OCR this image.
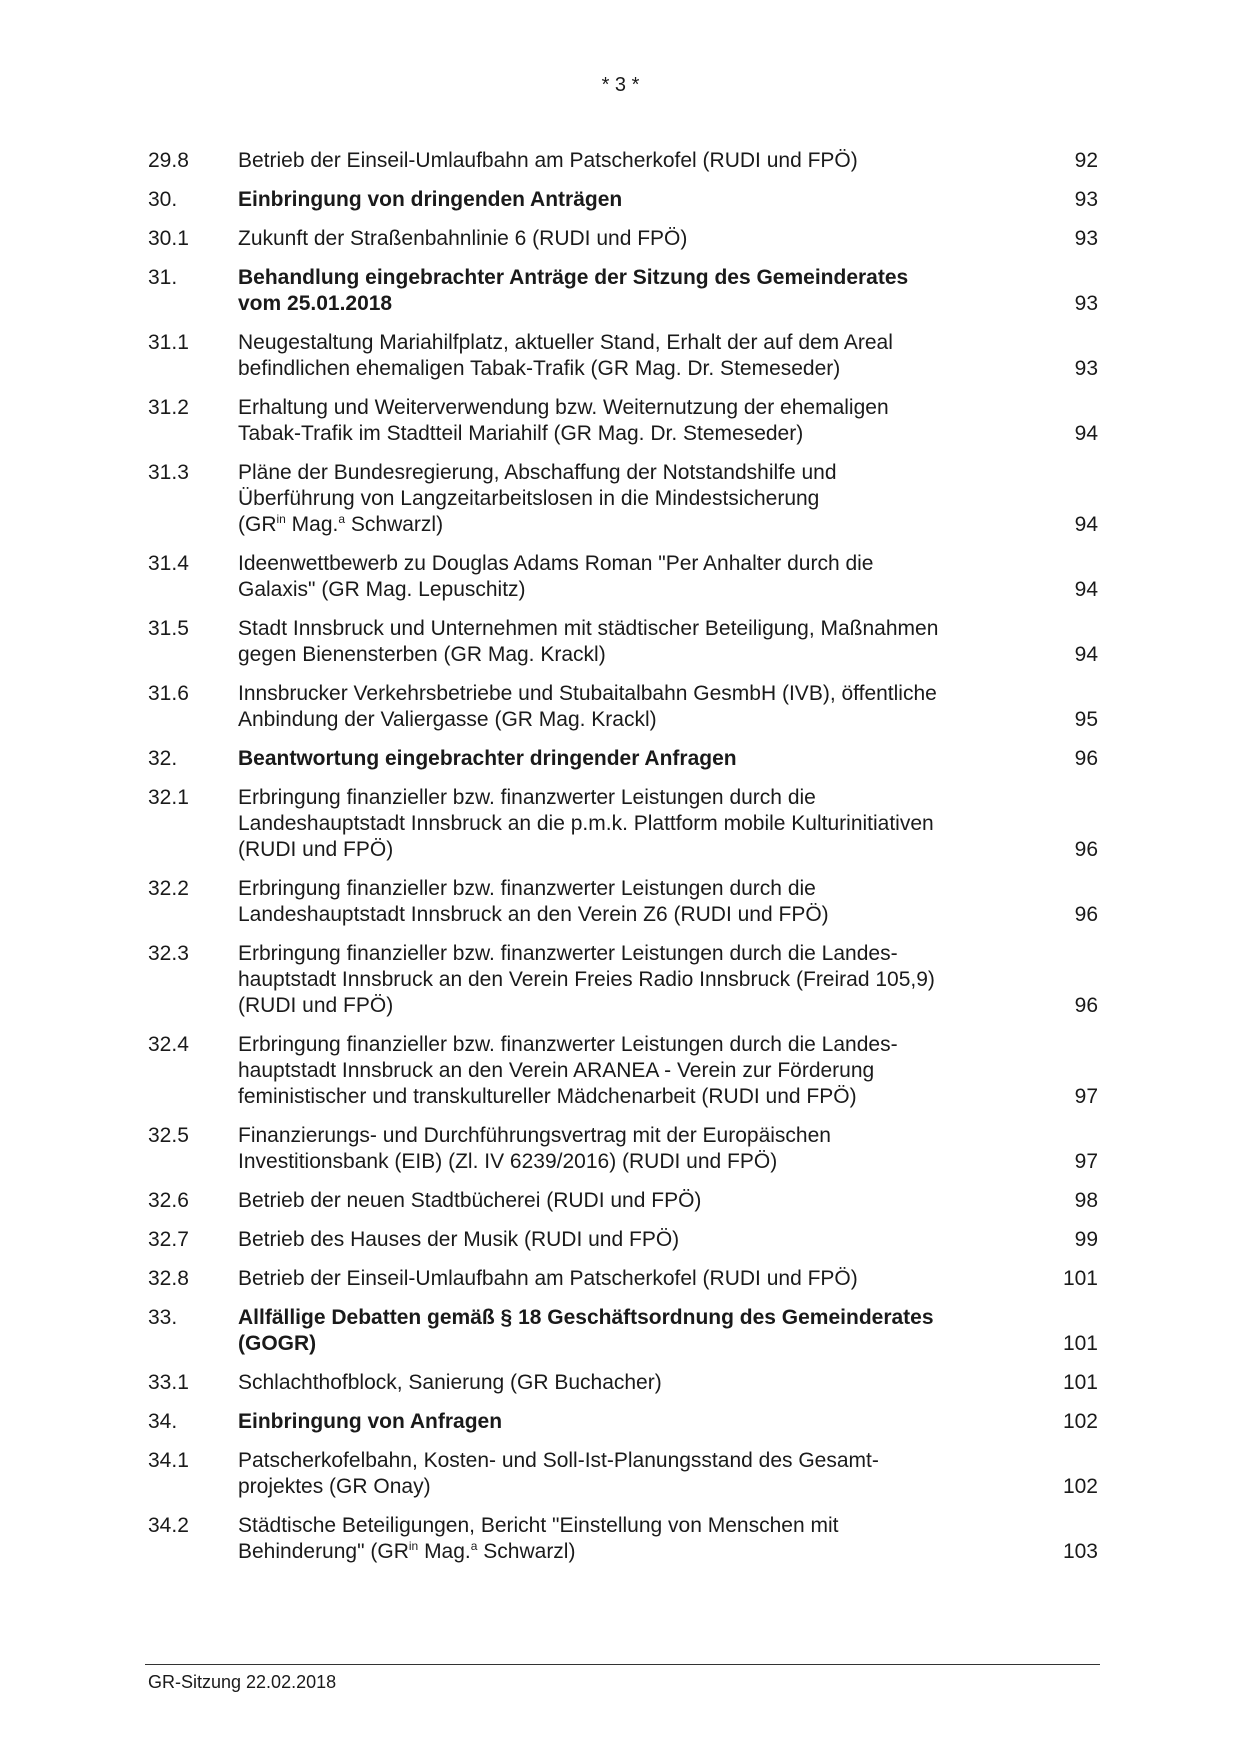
* 3 *
29.8	Betrieb der Einseil-Umlaufbahn am Patscherkofel (RUDI und FPÖ)	92
30.	Einbringung von dringenden Anträgen	93
30.1	Zukunft der Straßenbahnlinie 6 (RUDI und FPÖ)	93
31.	Behandlung eingebrachter Anträge der Sitzung des Gemeinderates
vom 25.01.2018	93
31.1	Neugestaltung Mariahilfplatz, aktueller Stand, Erhalt der auf dem Areal
befindlichen ehemaligen Tabak-Trafik (GR Mag. Dr. Stemeseder)	93
31.2	Erhaltung und Weiterverwendung bzw. Weiternutzung der ehemaligen
Tabak-Trafik im Stadtteil Mariahilf (GR Mag. Dr. Stemeseder)	94
31.3	Pläne der Bundesregierung, Abschaffung der Notstandshilfe und
Überführung von Langzeitarbeitslosen in die Mindestsicherung
($GR^{in}$ Mag.$^a$ Schwarzl)	94
31.4	Ideenwettbewerb zu Douglas Adams Roman "Per Anhalter durch die
Galaxis" (GR Mag. Lepuschitz)	94
31.5	Stadt Innsbruck und Unternehmen mit städtischer Beteiligung, Maßnahmen
gegen Bienensterben (GR Mag. Krackl)	94
31.6	Innsbrucker Verkehrsbetriebe und Stubaitalbahn GesmbH (IVB), öffentliche
Anbindung der Valiergasse (GR Mag. Krackl)	95
32.	Beantwortung eingebrachter dringender Anfragen	96
32.1	Erbringung finanzieller bzw. finanzwerter Leistungen durch die
Landeshauptstadt Innsbruck an die p.m.k. Plattform mobile Kulturinitiativen
(RUDI und FPÖ)	96
32.2	Erbringung finanzieller bzw. finanzwerter Leistungen durch die
Landeshauptstadt Innsbruck an den Verein Z6 (RUDI und FPÖ)	96
32.3	Erbringung finanzieller bzw. finanzwerter Leistungen durch die Landes-
hauptstadt Innsbruck an den Verein Freies Radio Innsbruck (Freirad 105,9)
(RUDI und FPÖ)	96
32.4	Erbringung finanzieller bzw. finanzwerter Leistungen durch die Landes-
hauptstadt Innsbruck an den Verein ARANEA - Verein zur Förderung
feministischer und transkultureller Mädchenarbeit (RUDI und FPÖ)	97
32.5	Finanzierungs- und Durchführungsvertrag mit der Europäischen
Investitionsbank (EIB) (Zl. IV 6239/2016) (RUDI und FPÖ)	97
32.6	Betrieb der neuen Stadtbücherei (RUDI und FPÖ)	98
32.7	Betrieb des Hauses der Musik (RUDI und FPÖ)	99
32.8	Betrieb der Einseil-Umlaufbahn am Patscherkofel (RUDI und FPÖ)	101
33.	Allfällige Debatten gemäß § 18 Geschäftsordnung des Gemeinderates
(GOGR)	101
33.1	Schlachthofblock, Sanierung (GR Buchacher)	101
34.	Einbringung von Anfragen	102
34.1	Patscherkofelbahn, Kosten- und Soll-Ist-Planungsstand des Gesamt-
projektes (GR Onay)	102
34.2	Städtische Beteiligungen, Bericht "Einstellung von Menschen mit
Behinderung" ($GR^{in}$ Mag.$^a$ Schwarzl)	103
GR-Sitzung 22.02.2018
